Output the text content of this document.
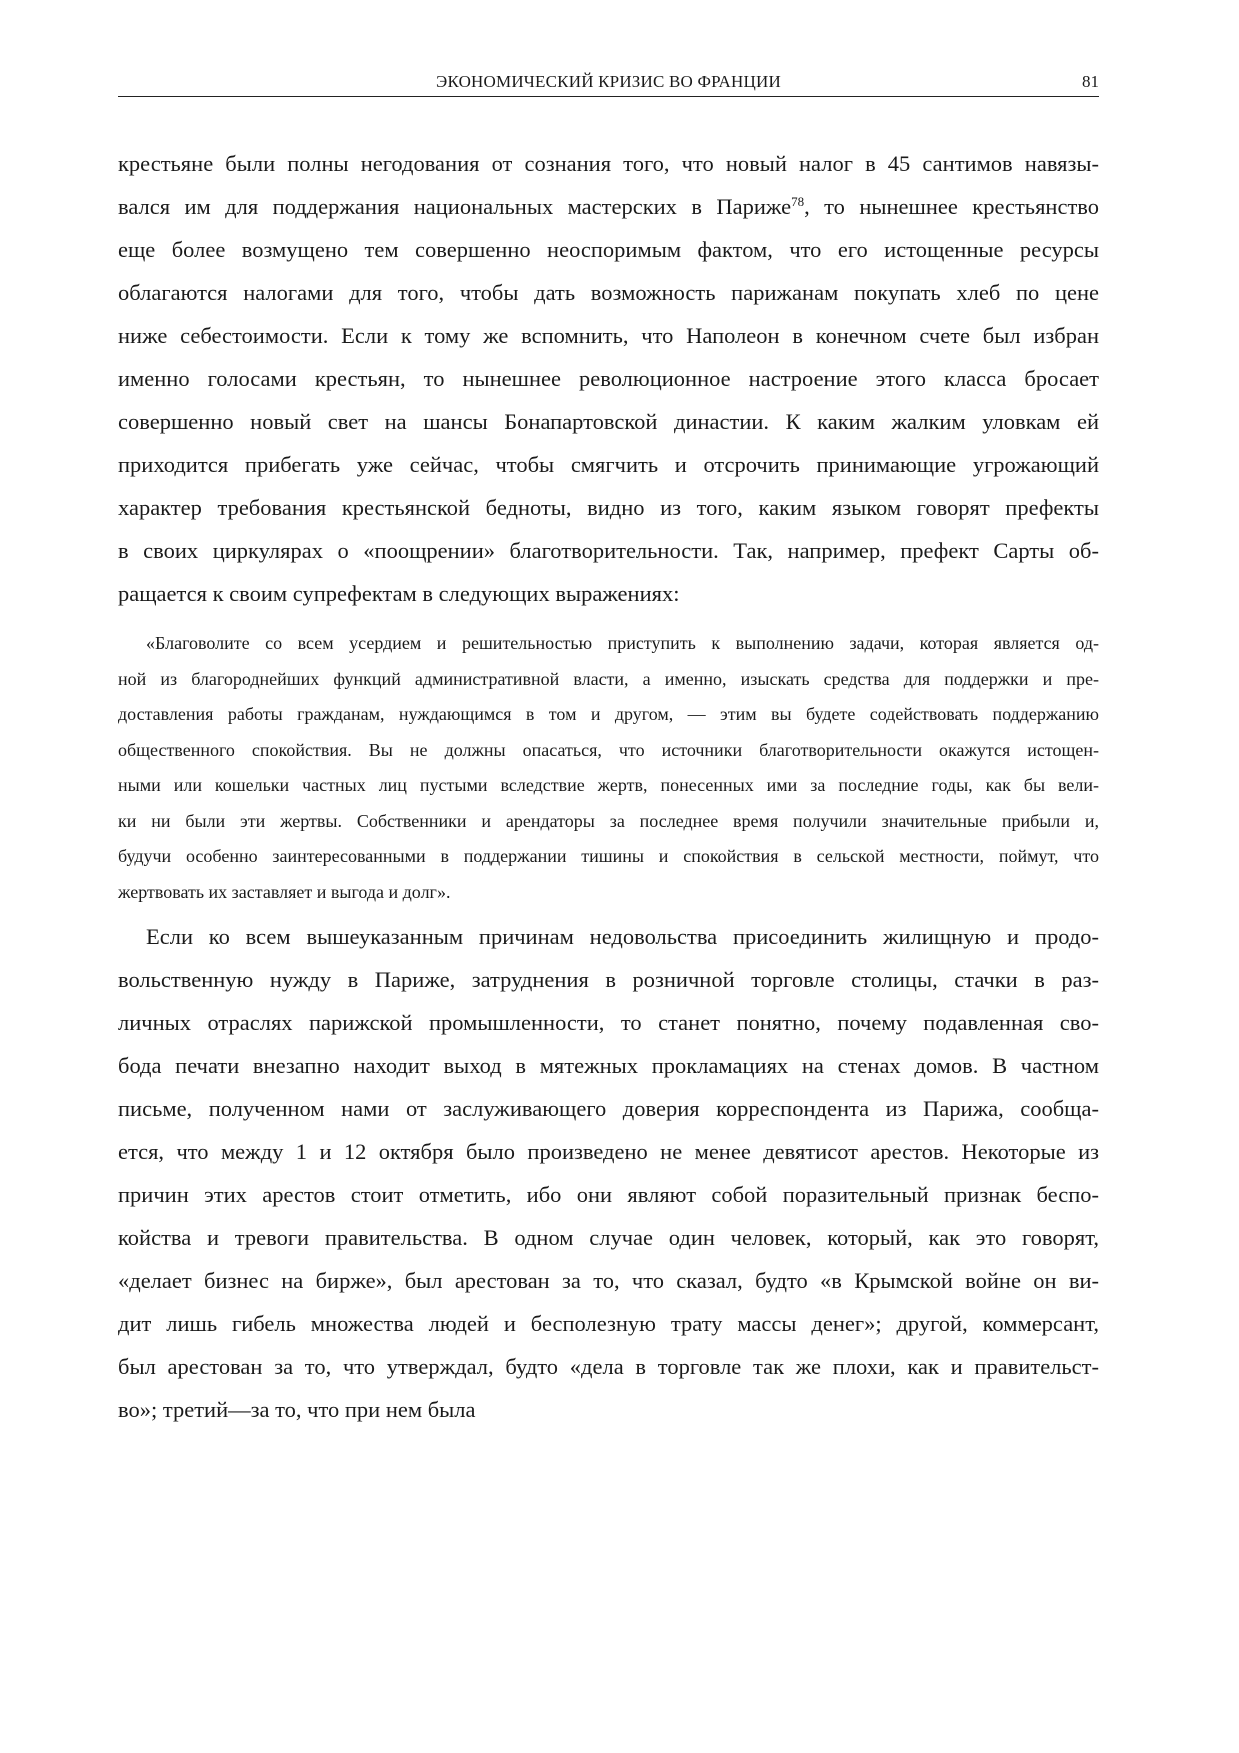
ЭКОНОМИЧЕСКИЙ КРИЗИС ВО ФРАНЦИИ	81
крестьяне были полны негодования от сознания того, что новый налог в 45 сантимов навязы-
вался им для поддержания национальных мастерских в Париже$^{78}$, то нынешнее крестьянство
еще более возмущено тем совершенно неоспоримым фактом, что его истощенные ресурсы
облагаются налогами для того, чтобы дать возможность парижанам покупать хлеб по цене
ниже себестоимости. Если к тому же вспомнить, что Наполеон в конечном счете был избран
именно голосами крестьян, то нынешнее революционное настроение этого класса бросает
совершенно новый свет на шансы Бонапартовской династии. К каким жалким уловкам ей
приходится прибегать уже сейчас, чтобы смягчить и отсрочить принимающие угрожающий
характер требования крестьянской бедноты, видно из того, каким языком говорят префекты
в своих циркулярах о «поощрении» благотворительности. Так, например, префект Сарты об-
ращается к своим супрефектам в следующих выражениях:
«Благоволите со всем усердием и решительностью приступить к выполнению задачи, которая является од-
ной из благороднейших функций административной власти, а именно, изыскать средства для поддержки и пре-
доставления работы гражданам, нуждающимся в том и другом, — этим вы будете содействовать поддержанию
общественного спокойствия. Вы не должны опасаться, что источники благотворительности окажутся истощен-
ными или кошельки частных лиц пустыми вследствие жертв, понесенных ими за последние годы, как бы вели-
ки ни были эти жертвы. Собственники и арендаторы за последнее время получили значительные прибыли и,
будучи особенно заинтересованными в поддержании тишины и спокойствия в сельской местности, поймут, что
жертвовать их заставляет и выгода и долг».
Если ко всем вышеуказанным причинам недовольства присоединить жилищную и продо-
вольственную нужду в Париже, затруднения в розничной торговле столицы, стачки в раз-
личных отраслях парижской промышленности, то станет понятно, почему подавленная сво-
бода печати внезапно находит выход в мятежных прокламациях на стенах домов. В частном
письме, полученном нами от заслуживающего доверия корреспондента из Парижа, сообща-
ется, что между 1 и 12 октября было произведено не менее девятисот арестов. Некоторые из
причин этих арестов стоит отметить, ибо они являют собой поразительный признак беспо-
койства и тревоги правительства. В одном случае один человек, который, как это говорят,
«делает бизнес на бирже», был арестован за то, что сказал, будто «в Крымской войне он ви-
дит лишь гибель множества людей и бесполезную трату массы денег»; другой, коммерсант,
был арестован за то, что утверждал, будто «дела в торговле так же плохи, как и правительст-
во»; третий—за то, что при нем была
